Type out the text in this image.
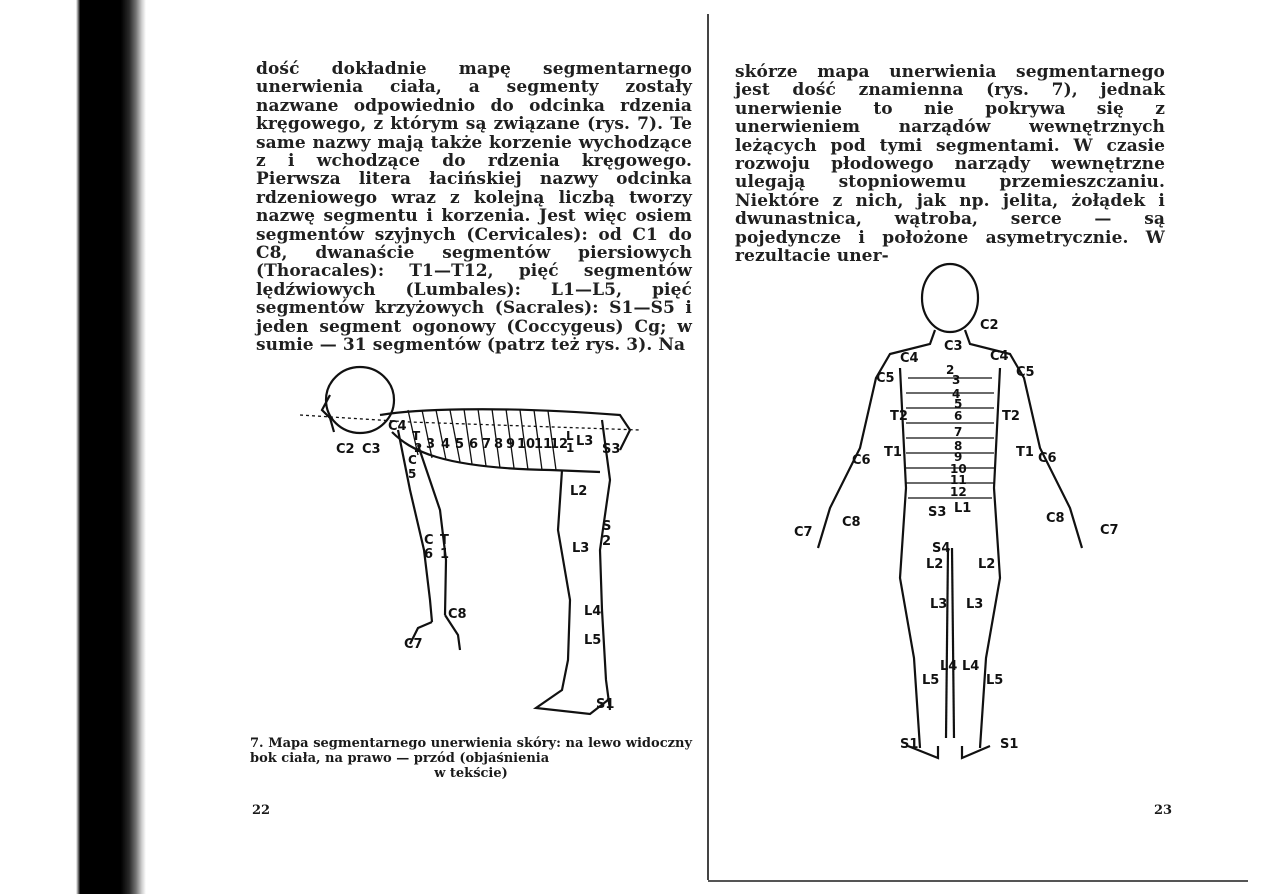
dość dokładnie mapę segmentarnego unerwienia ciała, a segmenty zostały nazwane odpowiednio do odcinka rdzenia kręgowego, z którym są związane (rys. 7). Te same nazwy mają także korzenie wychodzące z i wchodzące do rdzenia kręgowego. Pierwsza litera łacińskiej nazwy odcinka rdzeniowego wraz z kolejną liczbą tworzy nazwę segmentu i korzenia. Jest więc osiem segmentów szyjnych (Cervicales): od C1 do C8, dwanaście segmentów piersiowych (Thoracales): T1—T12, pięć segmentów lędźwiowych (Lumbales): L1—L5, pięć segmentów krzyżowych (Sacrales): S1—S5 i jeden segment ogonowy (Coccygeus) Cg; w sumie — 31 segmentów (patrz też rys. 3). Na

skórze mapa unerwienia segmentarnego jest dość znamienna (rys. 7), jednak unerwienie to nie pokrywa się z unerwieniem narządów wewnętrznych leżących pod tymi segmentami. W czasie rozwoju płodowego narządy wewnętrzne ulegają stopniowemu przemieszczaniu. Niektóre z nich, jak np. jelita, żołądek i dwunastnica, wątroba, serce — są pojedyncze i położone asymetrycznie. W rezultacie uner-

C2 C3
C4
T
2 3 4 5 6 7 8 9 10
11
12
L
1 L3
S3
C
5
L2
S
2
L3
C
6
T
1
L4
L5
C8
C7
S1

7. Mapa segmentarnego unerwienia skóry: na lewo widoczny bok ciała, na prawo — przód (objaśnienia
w tekście)

C2
C3
C4	C4
C5	C5
T2	T2
T1	T1
C6	C6
C7	C7
C8	C8
2
3
4
5
6
7
8
9
10
11
12
S3 L1
S4
L2	L2
L3 L3
L4 L4
L5	L5
S1	S1
22	23
